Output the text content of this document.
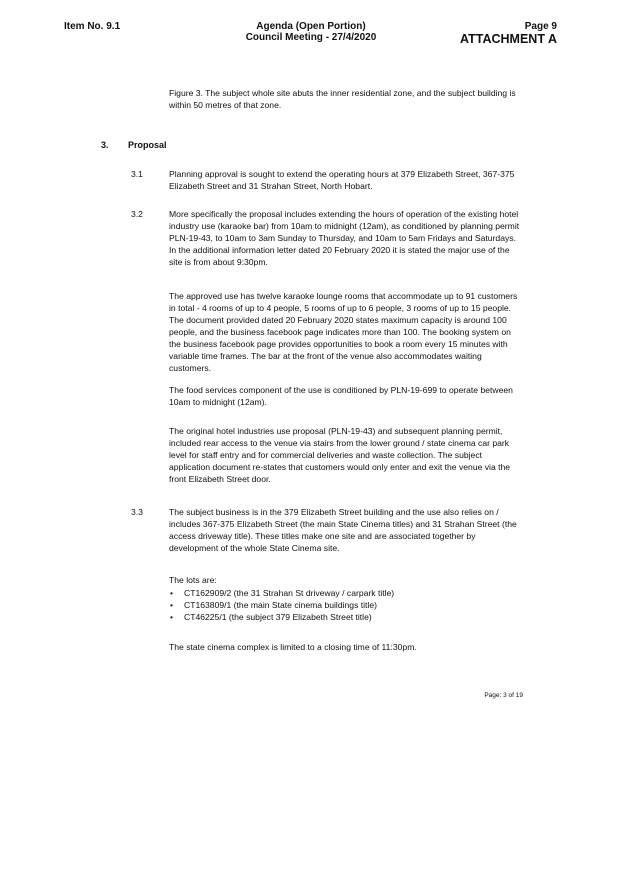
Item No. 9.1	Agenda (Open Portion)
Council Meeting - 27/4/2020
Page 9
ATTACHMENT A

Figure 3. The subject whole site abuts the inner residential zone, and the subject building is within 50 metres of that zone.

3. Proposal
3.1	Planning approval is sought to extend the operating hours at 379 Elizabeth Street, 367-375 Elizabeth Street and 31 Strahan Street, North Hobart.

3.2	More specifically the proposal includes extending the hours of operation of the existing hotel industry use (karaoke bar) from 10am to midnight (12am), as conditioned by planning permit PLN-19-43, to 10am to 3am Sunday to Thursday, and 10am to 5am Fridays and Saturdays. In the additional information letter dated 20 February 2020 it is stated the major use of the site is from about 9:30pm.

The approved use has twelve karaoke lounge rooms that accommodate up to 91 customers in total - 4 rooms of up to 4 people, 5 rooms of up to 6 people, 3 rooms of up to 15 people. The document provided dated 20 February 2020 states maximum capacity is around 100 people, and the business facebook page indicates more than 100. The booking system on the business facebook page provides opportunities to book a room every 15 minutes with variable time frames. The bar at the front of the venue also accommodates waiting customers.

The food services component of the use is conditioned by PLN-19-699 to operate between 10am to midnight (12am).

The original hotel industries use proposal (PLN-19-43) and subsequent planning permit, included rear access to the venue via stairs from the lower ground / state cinema car park level for staff entry and for commercial deliveries and waste collection. The subject application document re-states that customers would only enter and exit the venue via the front Elizabeth Street door.

3.3	The subject business is in the 379 Elizabeth Street building and the use also relies on / includes 367-375 Elizabeth Street (the main State Cinema titles) and 31 Strahan Street (the access driveway title). These titles make one site and are associated together by development of the whole State Cinema site.

The lots are:

• CT162909/2 (the 31 Strahan St driveway / carpark title)
• CT163809/1 (the main State cinema buildings title)
• CT46225/1 (the subject 379 Elizabeth Street title)

The state cinema complex is limited to a closing time of 11:30pm.

Page: 3 of 19
